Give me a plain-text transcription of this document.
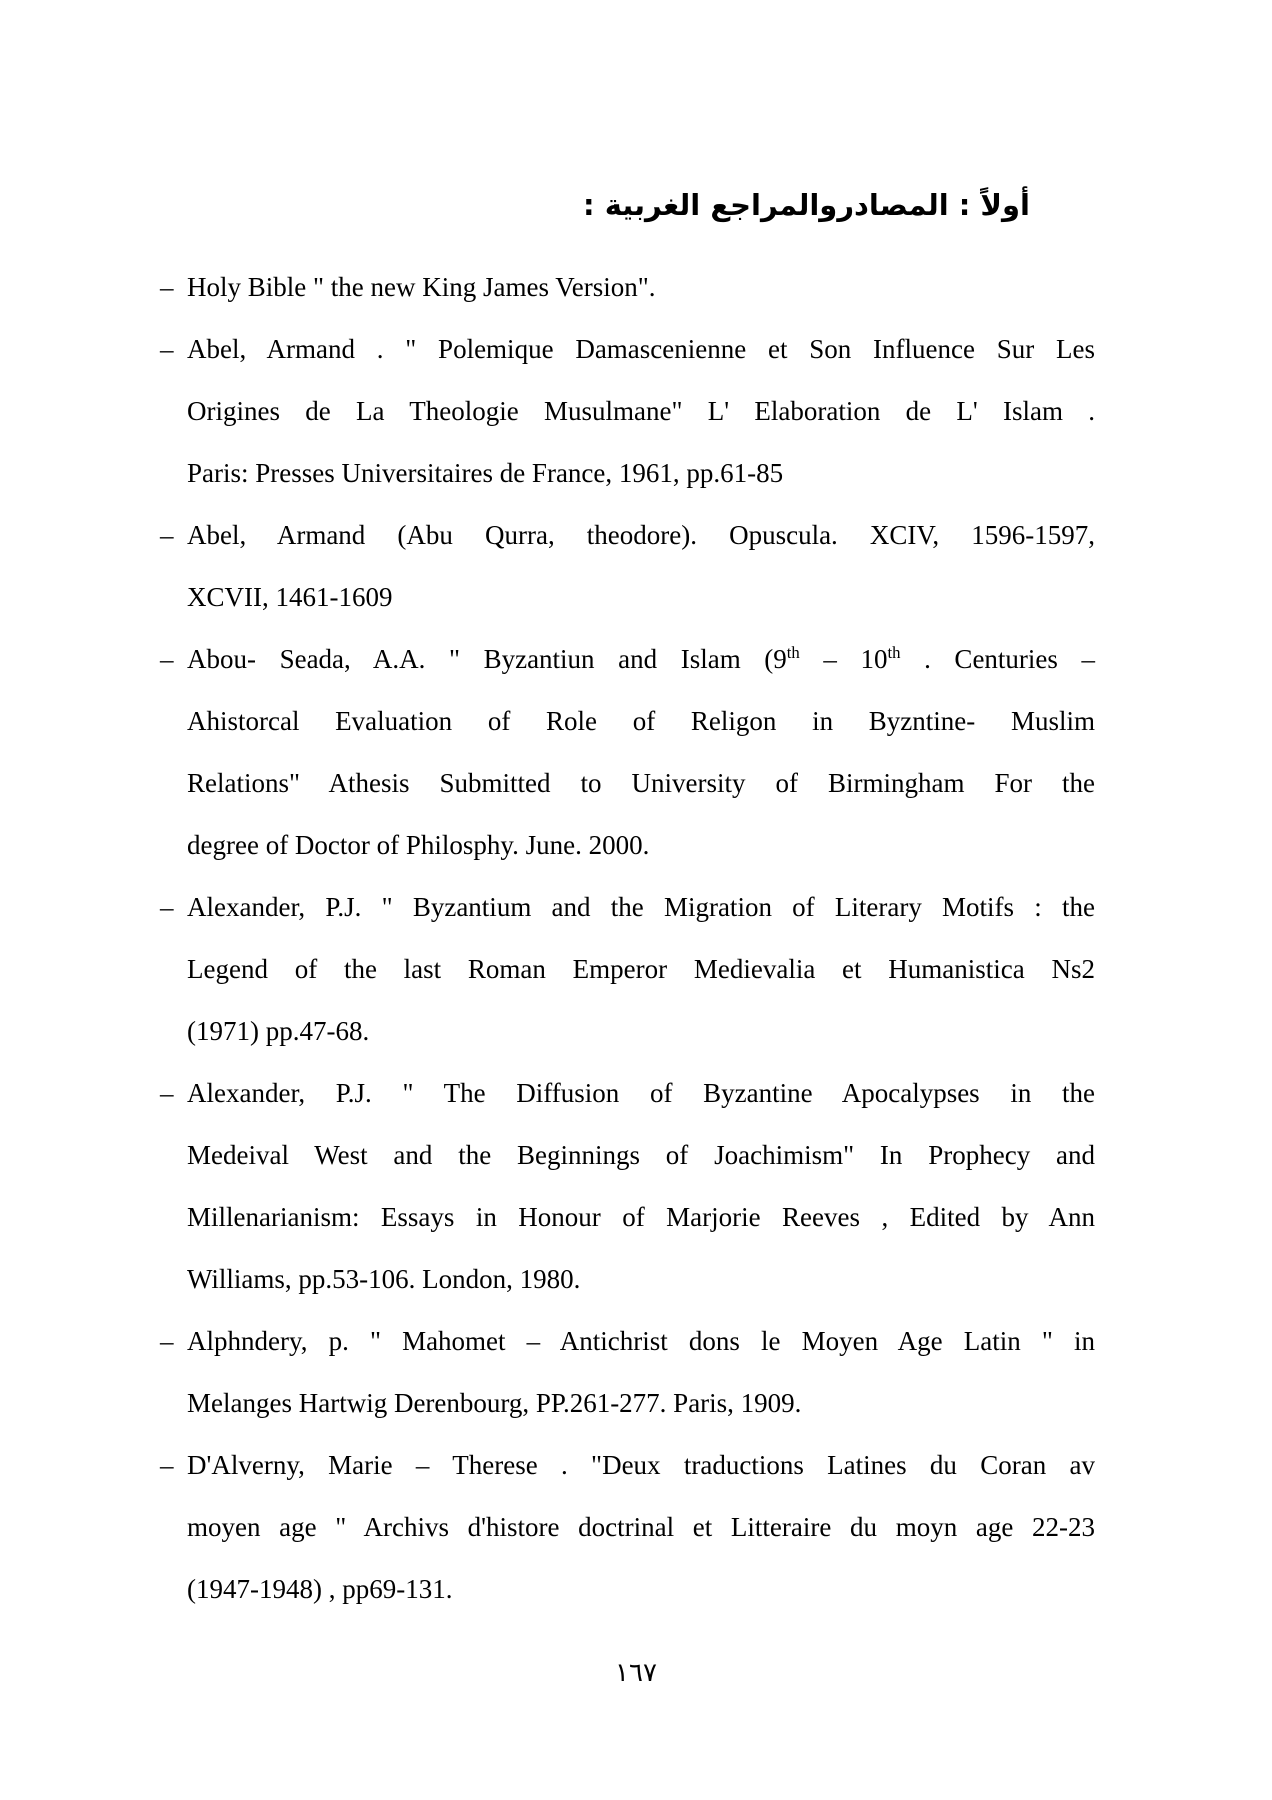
أولاً : المصادروالمراجع الغربية :
– Holy Bible " the new King James Version".
– Abel, Armand . " Polemique Damascenienne et Son Influence Sur Les
Origines de La Theologie Musulmane" L' Elaboration de L' Islam .
Paris: Presses Universitaires de France, 1961, pp.61-85
– Abel, Armand (Abu Qurra, theodore). Opuscula. XCIV, 1596-1597,
XCVII, 1461-1609
– Abou- Seada, A.A. " Byzantiun and Islam (9th – 10th . Centuries –
Ahistorcal Evaluation of Role of Religon in Byzntine- Muslim
Relations" Athesis Submitted to University of Birmingham For the
degree of Doctor of Philosphy. June. 2000.
– Alexander, P.J. " Byzantium and the Migration of Literary Motifs : the
Legend of the last Roman Emperor Medievalia et Humanistica Ns2
(1971) pp.47-68.
– Alexander, P.J. " The Diffusion of Byzantine Apocalypses in the
Medeival West and the Beginnings of Joachimism" In Prophecy and
Millenarianism: Essays in Honour of Marjorie Reeves , Edited by Ann
Williams, pp.53-106. London, 1980.
– Alphndery, p. " Mahomet – Antichrist dons le Moyen Age Latin " in
Melanges Hartwig Derenbourg, PP.261-277. Paris, 1909.
– D'Alverny, Marie – Therese . "Deux traductions Latines du Coran av
moyen age " Archivs d'histore doctrinal et Litteraire du moyn age 22-23
(1947-1948) , pp69-131.
١٦٧
